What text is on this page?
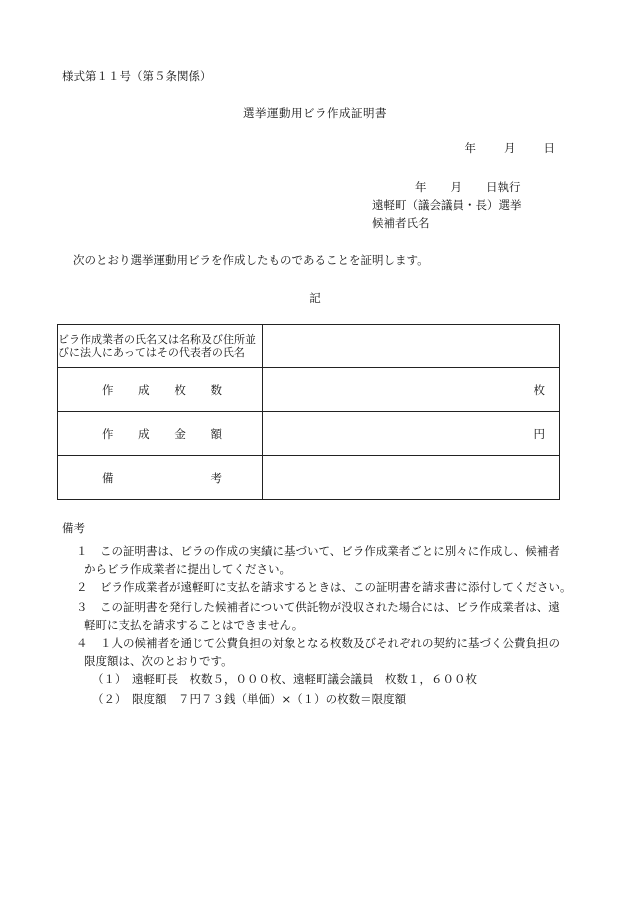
様式第１１号（第５条関係）
選挙運動用ビラ作成証明書
年 月 日
年 月 日執行
遠軽町（議会議員・長）選挙
候補者氏名
次のとおり選挙運動用ビラを作成したものであることを証明します。
記
ビラ作成業者の氏名又は名称及び住所並びに法人にあってはその代表者の氏名	

作 成 枚 数	枚

作 成 金 額	円

備 考	

備考
１	この証明書は、ビラの作成の実績に基づいて、ビラ作成業者ごとに別々に作成し、候補者
からビラ作成業者に提出してください。
２	ビラ作成業者が遠軽町に支払を請求するときは、この証明書を請求書に添付してください。
３	この証明書を発行した候補者について供託物が没収された場合には、ビラ作成業者は、遠
軽町に支払を請求することはできません。
４	１人の候補者を通じて公費負担の対象となる枚数及びそれぞれの契約に基づく公費負担の
限度額は、次のとおりです。
（１） 遠軽町長　枚数５，０００枚、遠軽町議会議員　枚数１，６００枚
（２） 限度額　７円７３銭（単価）×（１）の枚数＝限度額
